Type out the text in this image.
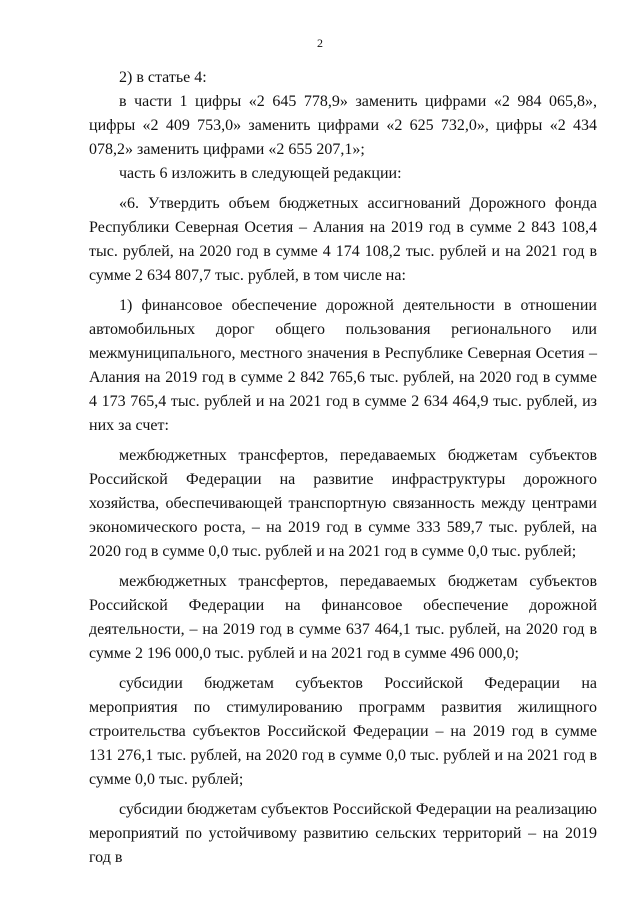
2

2) в статье 4:

в части 1 цифры «2 645 778,9» заменить цифрами «2 984 065,8», цифры «2 409 753,0» заменить цифрами «2 625 732,0», цифры «2 434 078,2» заменить цифрами «2 655 207,1»;

часть 6 изложить в следующей редакции:

«6. Утвердить объем бюджетных ассигнований Дорожного фонда Республики Северная Осетия – Алания на 2019 год в сумме 2 843 108,4 тыс. рублей, на 2020 год в сумме 4 174 108,2 тыс. рублей и на 2021 год в сумме 2 634 807,7 тыс. рублей, в том числе на:

1) финансовое обеспечение дорожной деятельности в отношении автомобильных дорог общего пользования регионального или межмуниципального, местного значения в Республике Северная Осетия – Алания на 2019 год в сумме 2 842 765,6 тыс. рублей, на 2020 год в сумме 4 173 765,4 тыс. рублей и на 2021 год в сумме 2 634 464,9 тыс. рублей, из них за счет:

межбюджетных трансфертов, передаваемых бюджетам субъектов Российской Федерации на развитие инфраструктуры дорожного хозяйства, обеспечивающей транспортную связанность между центрами экономического роста, – на 2019 год в сумме 333 589,7 тыс. рублей, на 2020 год в сумме 0,0 тыс. рублей и на 2021 год в сумме 0,0 тыс. рублей;

межбюджетных трансфертов, передаваемых бюджетам субъектов Российской Федерации на финансовое обеспечение дорожной деятельности, – на 2019 год в сумме 637 464,1 тыс. рублей, на 2020 год в сумме 2 196 000,0 тыс. рублей и на 2021 год в сумме 496 000,0;

субсидии бюджетам субъектов Российской Федерации на мероприятия по стимулированию программ развития жилищного строительства субъектов Российской Федерации – на 2019 год в сумме 131 276,1 тыс. рублей, на 2020 год в сумме 0,0 тыс. рублей и на 2021 год в сумме 0,0 тыс. рублей;

субсидии бюджетам субъектов Российской Федерации на реализацию мероприятий по устойчивому развитию сельских территорий – на 2019 год в
